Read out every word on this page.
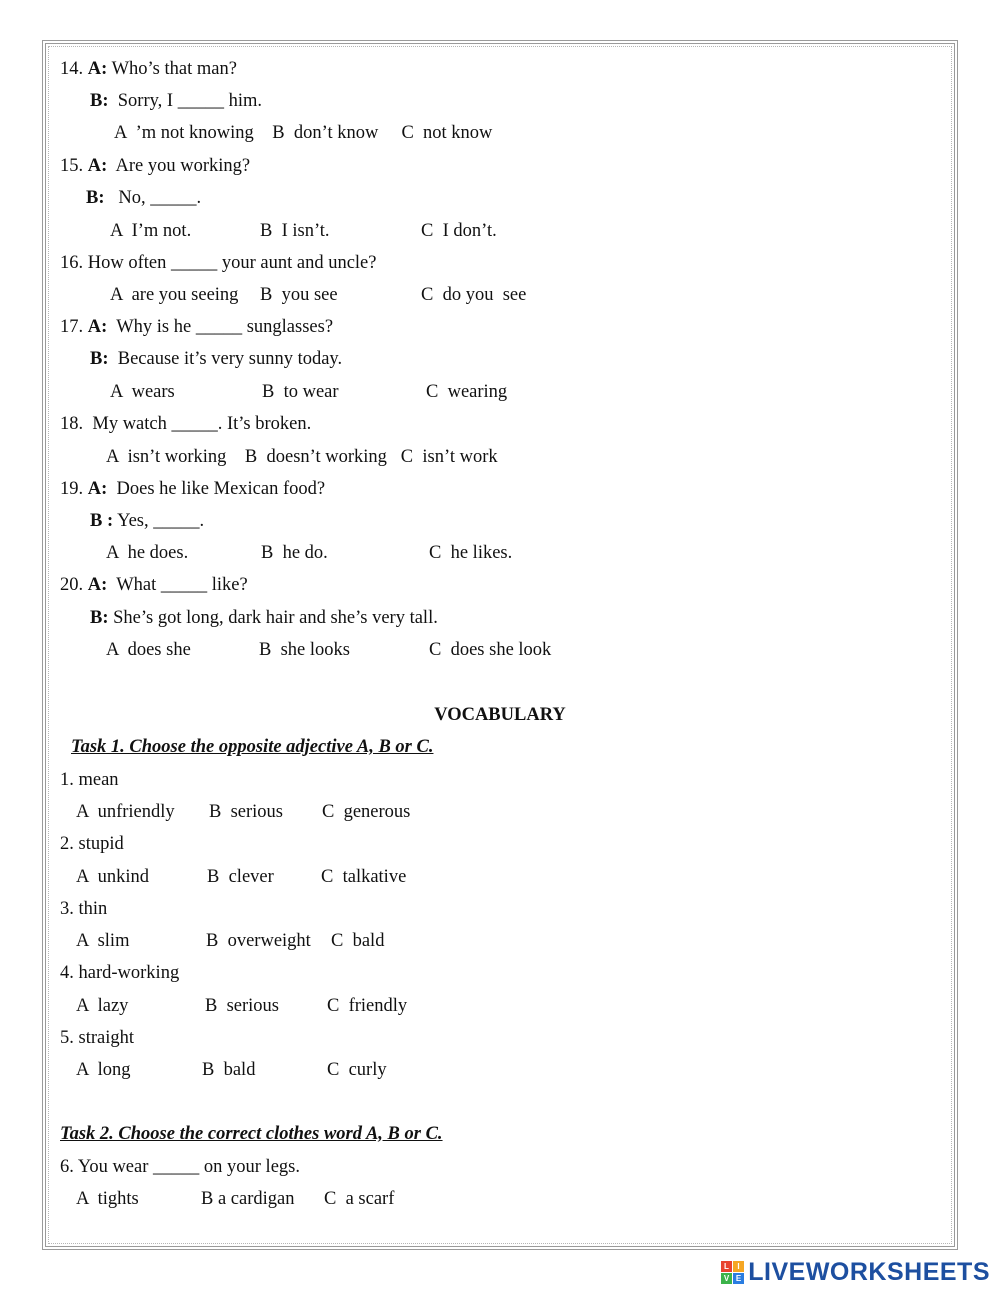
14. A: Who’s that man?
B:  Sorry, I _____ him.
A  ’m not knowing    B  don’t know     C  not know
15. A:  Are you working?
B:   No, _____.
A  I’m not.	B  I isn’t.	C  I don’t.
16. How often _____ your aunt and uncle?
A  are you seeing B  you see	C  do you  see
17. A:  Why is he _____ sunglasses?
B:  Because it’s very sunny today.
A  wears	B  to wear	C  wearing
18.  My watch _____. It’s broken.
A  isn’t working    B  doesn’t working   C  isn’t work
19. A:  Does he like Mexican food?
B : Yes, _____.
A  he does.	B  he do.	C  he likes.
20. A:  What _____ like?
B: She’s got long, dark hair and she’s very tall.
A  does she	B  she looks	C  does she look
VOCABULARY
Task 1. Choose the opposite adjective A, B or C.
1. mean
A  unfriendly B  serious C  generous
2. stupid
A  unkind	B  clever	C  talkative
3. thin
A  slim	B  overweight C  bald
4. hard-working
A  lazy	B  serious	C  friendly
5. straight
A  long	B  bald	C  curly
Task 2. Choose the correct clothes word A, B or C.
6. You wear _____ on your legs.
A  tights	B a cardigan C  a scarf
L I
V E LIVEWORKSHEETS
